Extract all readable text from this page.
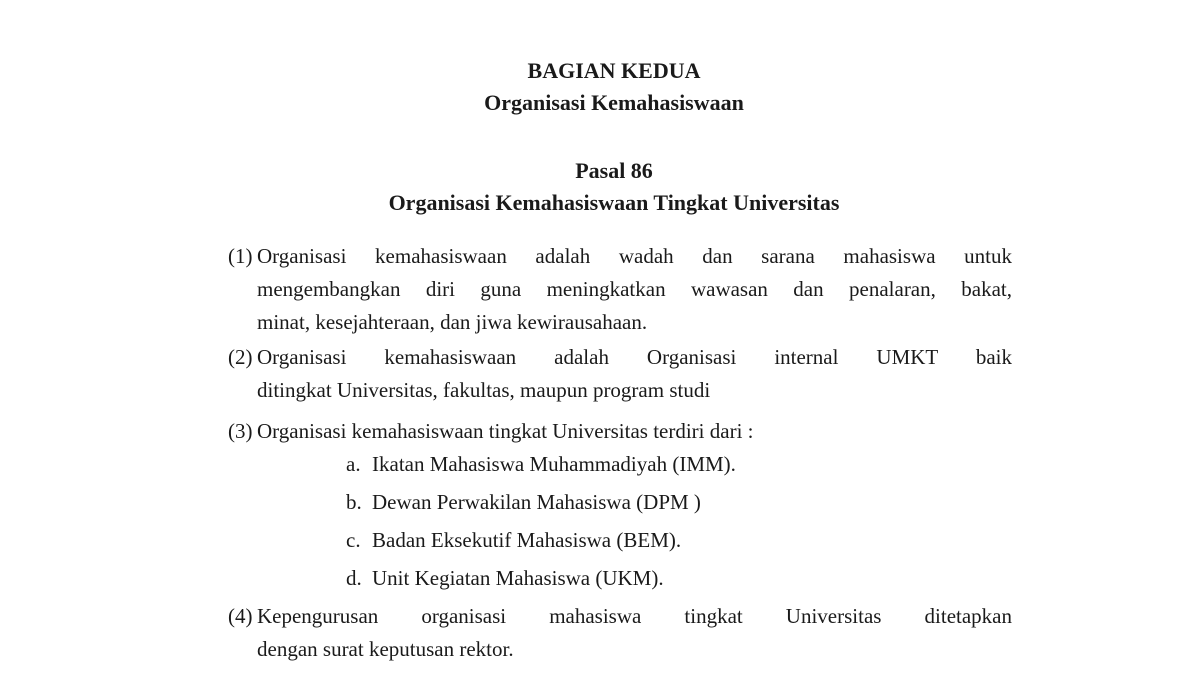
BAGIAN KEDUA
Organisasi Kemahasiswaan
Pasal 86
Organisasi Kemahasiswaan Tingkat Universitas
(1) Organisasi kemahasiswaan adalah wadah dan sarana mahasiswa untuk
mengembangkan diri guna meningkatkan wawasan dan penalaran, bakat,
minat, kesejahteraan, dan jiwa kewirausahaan.
(2) Organisasi kemahasiswaan adalah Organisasi internal UMKT baik
ditingkat Universitas, fakultas, maupun program studi
(3) Organisasi kemahasiswaan tingkat Universitas terdiri dari :
a. Ikatan Mahasiswa Muhammadiyah (IMM).
b. Dewan Perwakilan Mahasiswa (DPM )
c. Badan Eksekutif Mahasiswa (BEM).
d. Unit Kegiatan Mahasiswa (UKM).
(4) Kepengurusan organisasi mahasiswa tingkat Universitas ditetapkan
dengan surat keputusan rektor.
